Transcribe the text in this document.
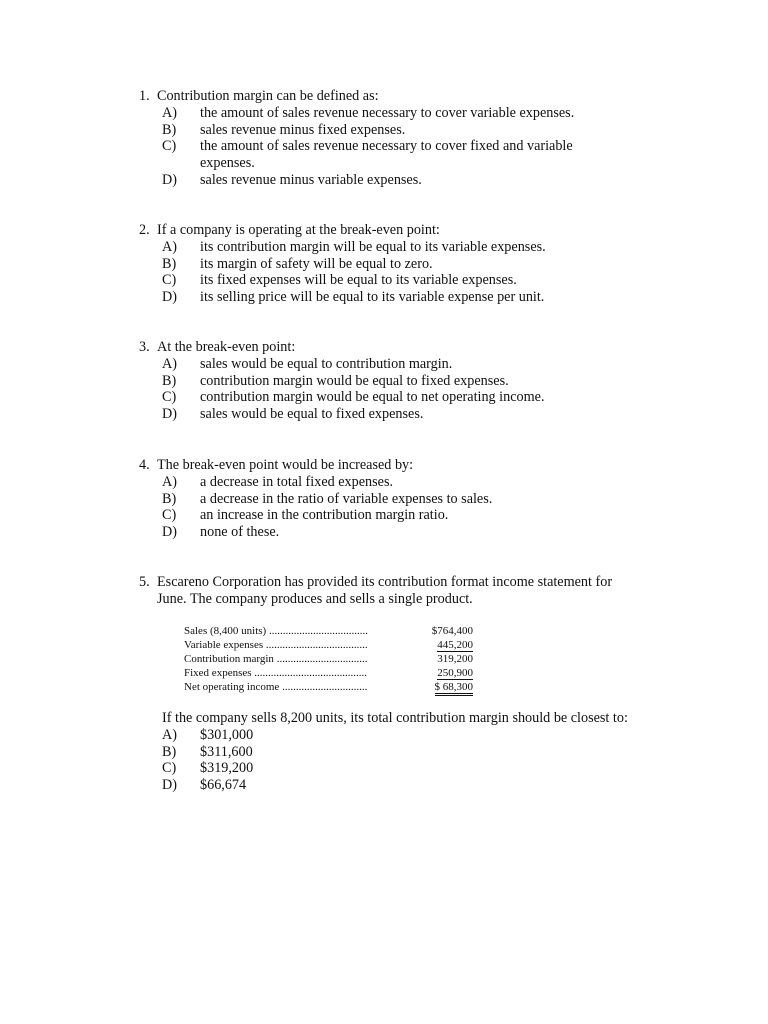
1. Contribution margin can be defined as:
A)	the amount of sales revenue necessary to cover variable expenses.
B)	sales revenue minus fixed expenses.
C)	the amount of sales revenue necessary to cover fixed and variable expenses.
D)	sales revenue minus variable expenses.
2. If a company is operating at the break-even point:
A)	its contribution margin will be equal to its variable expenses.
B)	its margin of safety will be equal to zero.
C)	its fixed expenses will be equal to its variable expenses.
D)	its selling price will be equal to its variable expense per unit.
3. At the break-even point:
A)	sales would be equal to contribution margin.
B)	contribution margin would be equal to fixed expenses.
C)	contribution margin would be equal to net operating income.
D)	sales would be equal to fixed expenses.
4. The break-even point would be increased by:
A)	a decrease in total fixed expenses.
B)	a decrease in the ratio of variable expenses to sales.
C)	an increase in the contribution margin ratio.
D)	none of these.
5. Escareno Corporation has provided its contribution format income statement for June. The company produces and sells a single product.
Sales (8,400 units) ....................................	$764,400
Variable expenses .....................................	445,200
Contribution margin .................................	319,200
Fixed expenses .........................................	250,900
Net operating income ...............................	$ 68,300
If the company sells 8,200 units, its total contribution margin should be closest to:
A)	$301,000
B)	$311,600
C)	$319,200
D)	$66,674
